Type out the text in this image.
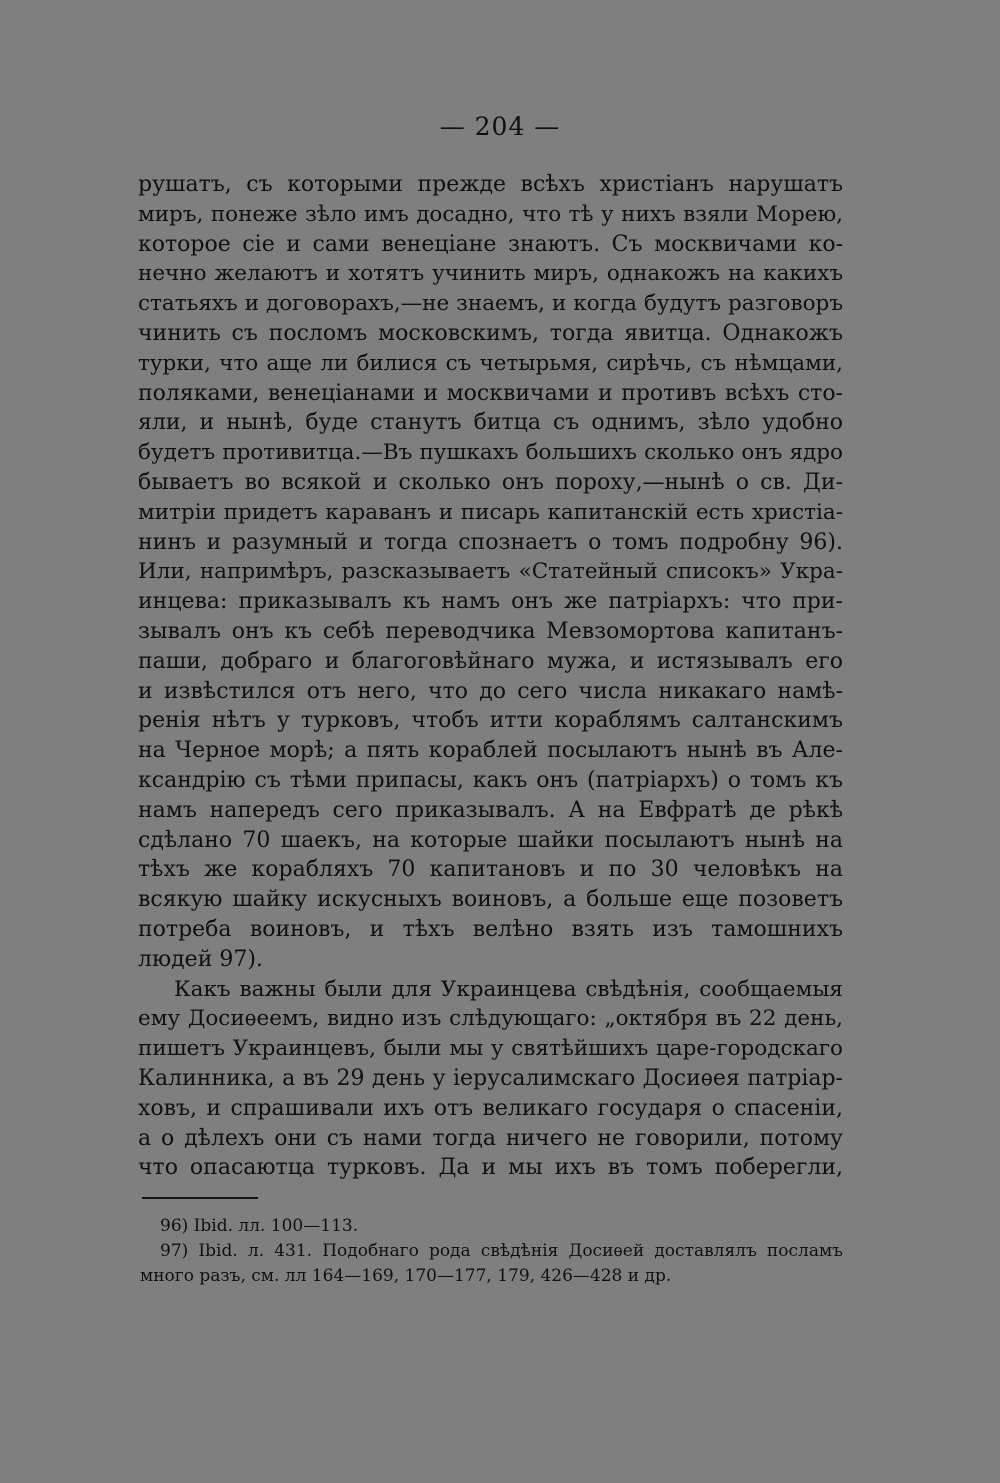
— 204 —
рушатъ, съ которыми прежде всѣхъ христіанъ нарушатъ
миръ, понеже зѣло имъ досадно, что тѣ у нихъ взяли Морею,
которое сіе и сами венеціане знаютъ. Съ москвичами ко-
нечно желаютъ и хотятъ учинить миръ, однакожъ на какихъ
статьяхъ и договорахъ,—не знаемъ, и когда будутъ разговоръ
чинить съ посломъ московскимъ, тогда явитца. Однакожъ
турки, что аще ли билися съ четырьмя, сирѣчь, съ нѣмцами,
поляками, венеціанами и москвичами и противъ всѣхъ сто-
яли, и нынѣ, буде станутъ битца съ однимъ, зѣло удобно
будетъ противитца.—Въ пушкахъ большихъ сколько онъ ядро
бываетъ во всякой и сколько онъ пороху,—нынѣ о св. Ди-
митріи придетъ караванъ и писарь капитанскій есть христіа-
нинъ и разумный и тогда спознаетъ о томъ подробну 96).
Или, напримѣръ, разсказываетъ «Статейный списокъ» Укра-
инцева: приказывалъ къ намъ онъ же патріархъ: что при-
зывалъ онъ къ себѣ переводчика Мевзомортова капитанъ-
паши, добраго и благоговѣйнаго мужа, и истязывалъ его
и извѣстился отъ него, что до сего числа никакаго намѣ-
ренія нѣтъ у турковъ, чтобъ итти кораблямъ салтанскимъ
на Черное морѣ; а пять кораблей посылаютъ нынѣ въ Але-
ксандрію съ тѣми припасы, какъ онъ (патріархъ) о томъ къ
намъ напередъ сего приказывалъ. А на Евфратѣ де рѣкѣ
сдѣлано 70 шаекъ, на которые шайки посылаютъ нынѣ на
тѣхъ же корабляхъ 70 капитановъ и по 30 человѣкъ на
всякую шайку искусныхъ воиновъ, а больше еще позоветъ
потреба воиновъ, и тѣхъ велѣно взять изъ тамошнихъ
людей 97).
Какъ важны были для Украинцева свѣдѣнія, сообщаемыя
ему Досиѳеемъ, видно изъ слѣдующаго: „октября въ 22 день,
пишетъ Украинцевъ, были мы у святѣйшихъ царе-городскаго
Калинника, а въ 29 день у іерусалимскаго Досиѳея патріар-
ховъ, и спрашивали ихъ отъ великаго государя о спасеніи,
а о дѣлехъ они съ нами тогда ничего не говорили, потому
что опасаютца турковъ. Да и мы ихъ въ томъ поберегли,
96) Ibid. лл. 100—113.
97) Ibid. л. 431. Подобнаго рода свѣдѣнія Досиѳей доставлялъ посламъ
много разъ, см. лл 164—169, 170—177, 179, 426—428 и др.
